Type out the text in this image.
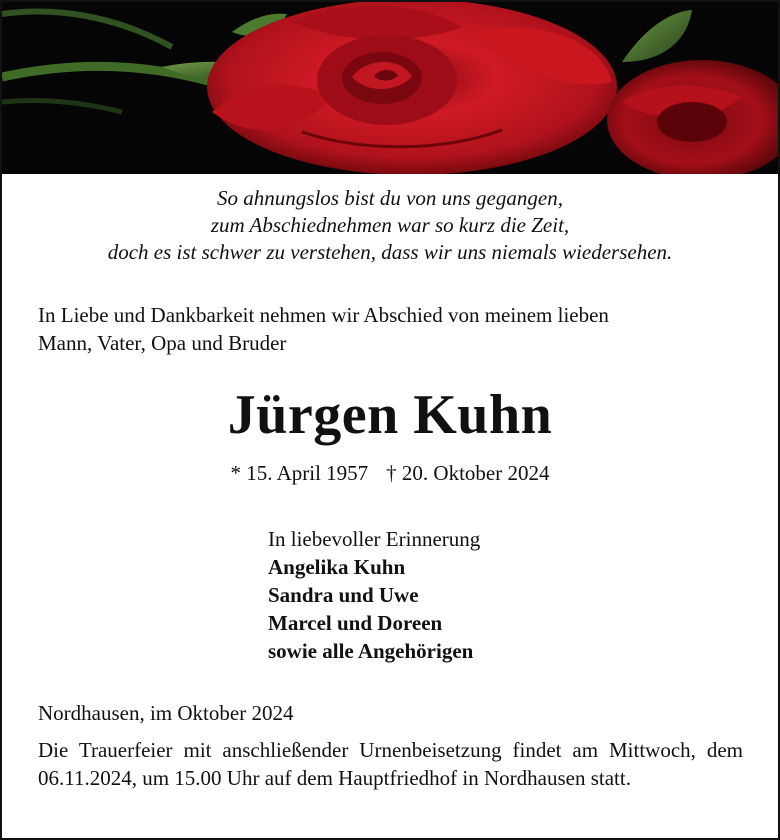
So ahnungslos bist du von uns gegangen,
zum Abschiednehmen war so kurz die Zeit,
doch es ist schwer zu verstehen, dass wir uns niemals wiedersehen.
In Liebe und Dankbarkeit nehmen wir Abschied von meinem lieben
Mann, Vater, Opa und Bruder
Jürgen Kuhn
* 15. April 1957 † 20. Oktober 2024
In liebevoller Erinnerung
Angelika Kuhn
Sandra und Uwe
Marcel und Doreen
sowie alle Angehörigen
Nordhausen, im Oktober 2024
Die Trauerfeier mit anschließender Urnenbeisetzung findet am Mittwoch, dem 06.11.2024, um 15.00 Uhr auf dem Hauptfriedhof in Nordhausen statt.
